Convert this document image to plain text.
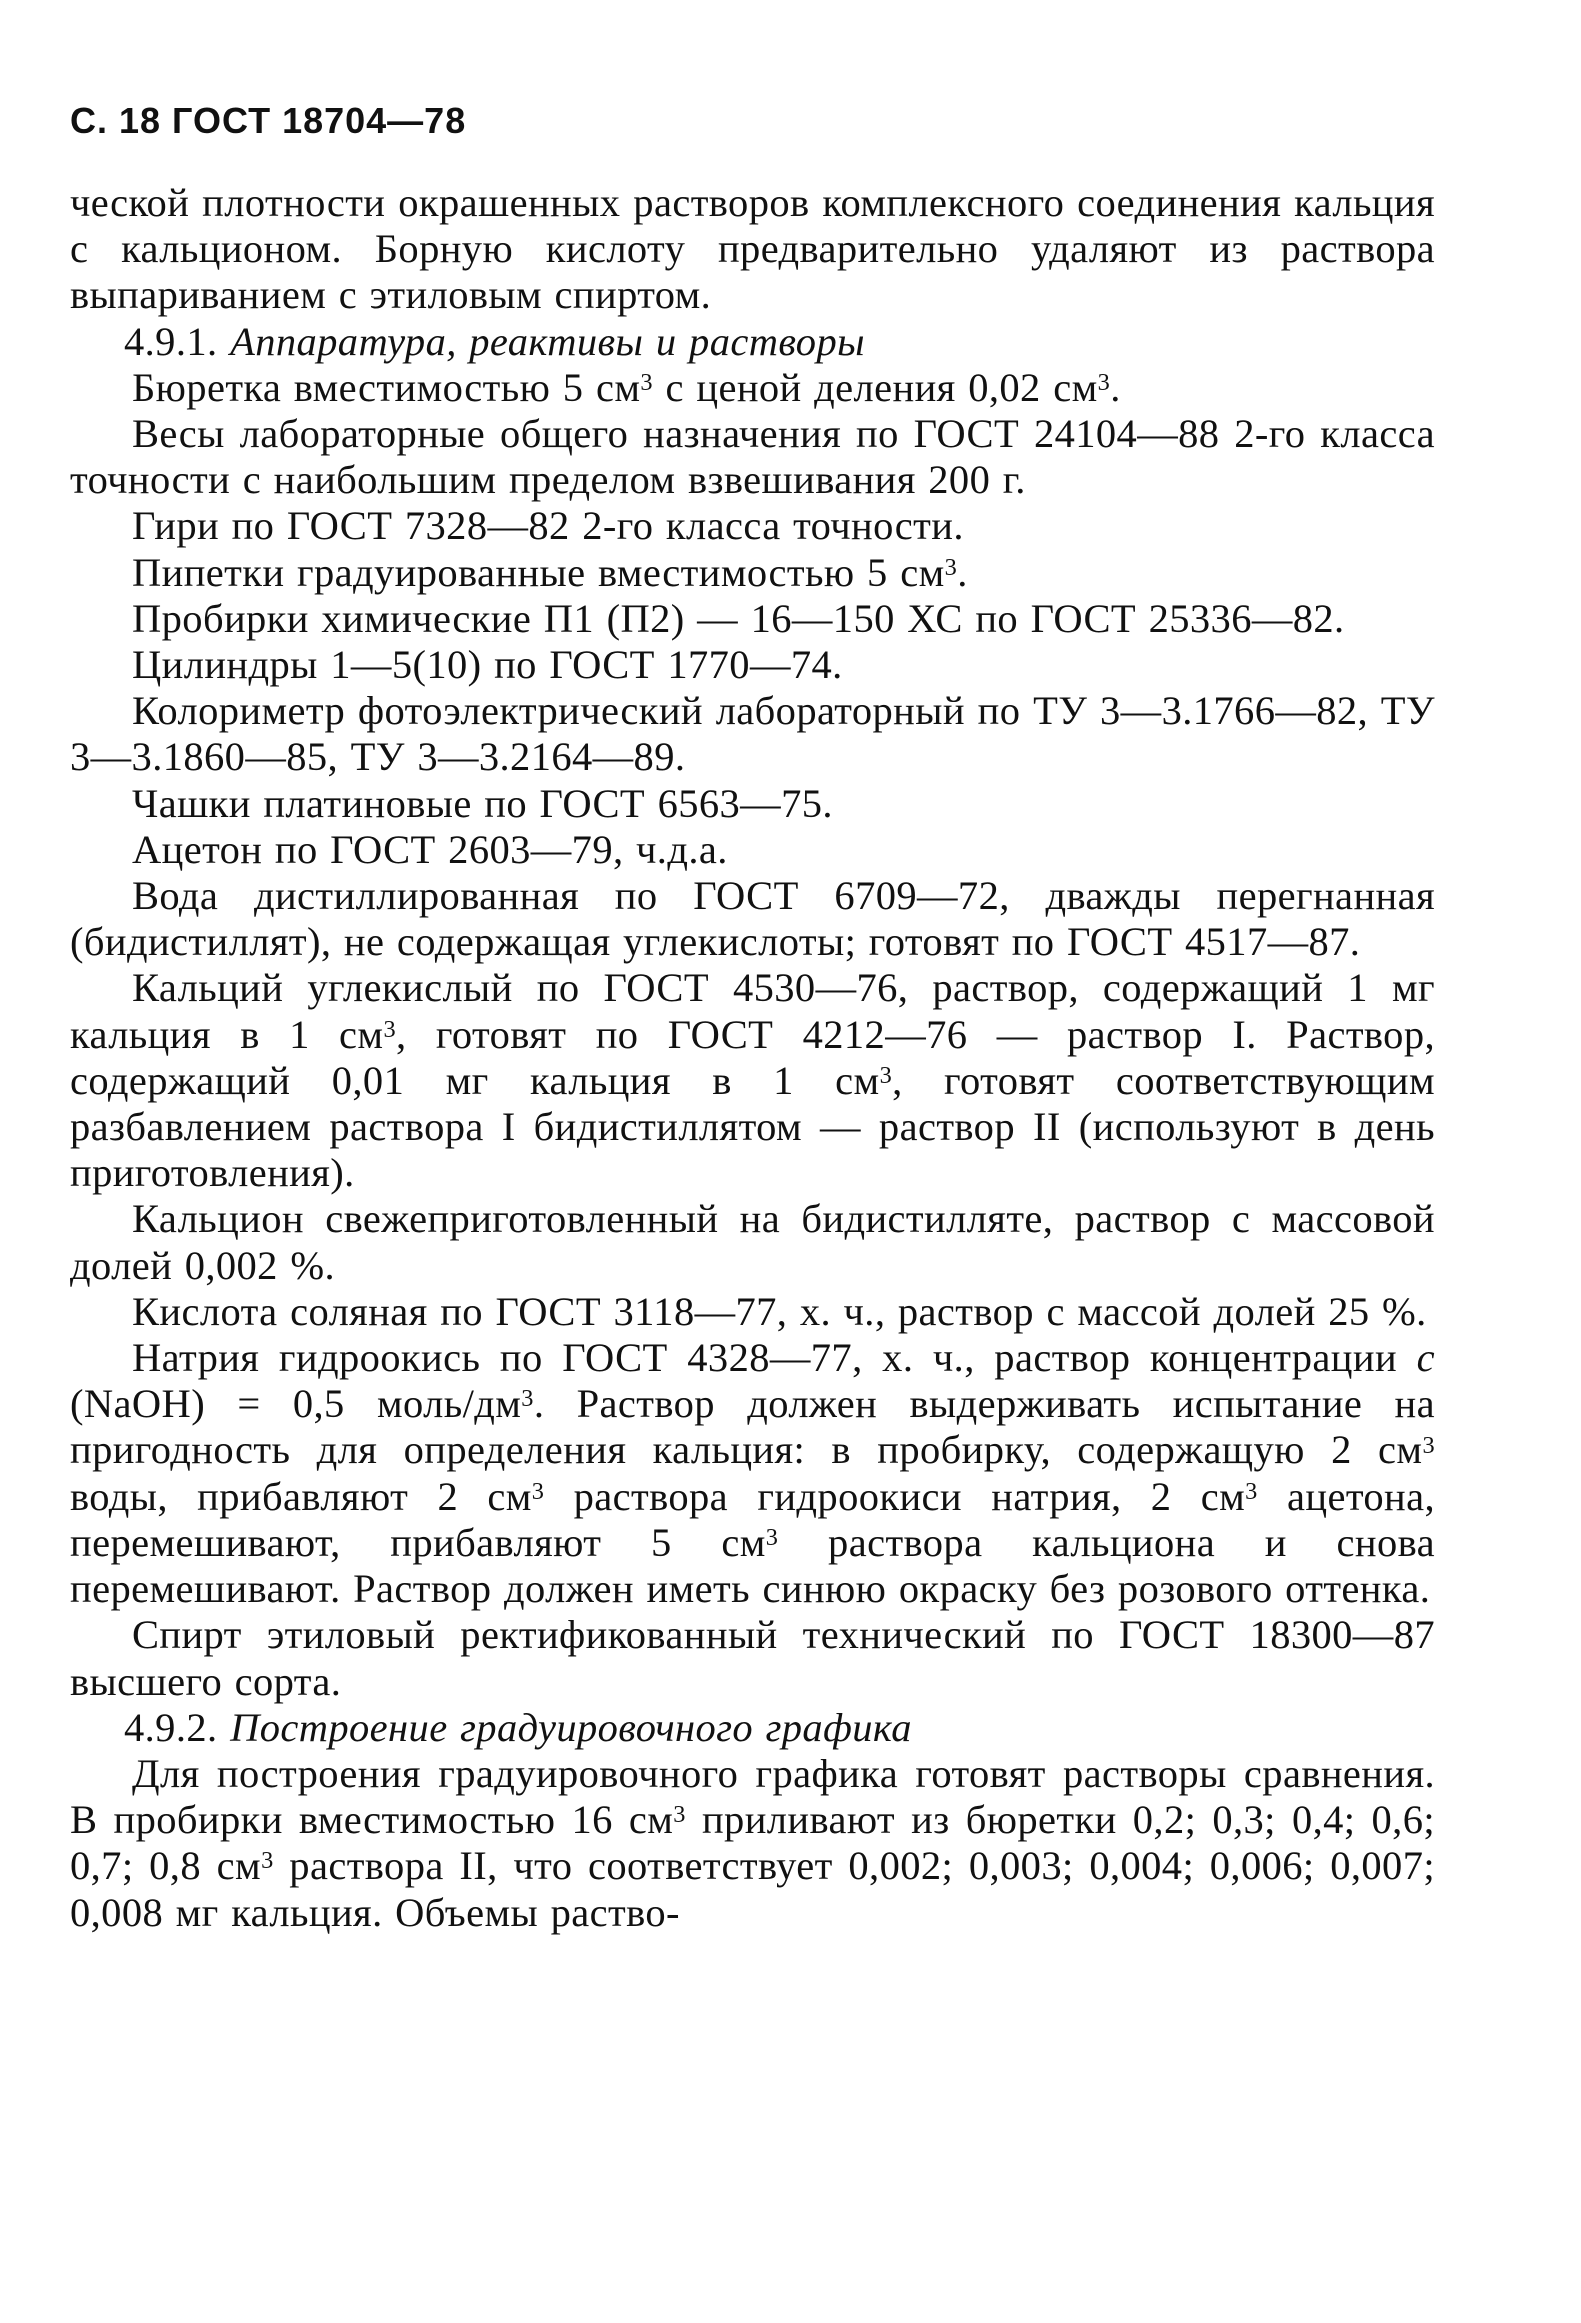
С. 18 ГОСТ 18704—78

ческой плотности окрашенных растворов комплексного соединения кальция с кальционом. Борную кислоту предварительно удаляют из раствора выпариванием с этиловым спиртом.

4.9.1. Аппаратура, реактивы и растворы

Бюретка вместимостью 5 $см^3$ с ценой деления 0,02 $см^3$.

Весы лабораторные общего назначения по ГОСТ 24104—88 2-го класса точности с наибольшим пределом взвешивания 200 г.

Гири по ГОСТ 7328—82 2-го класса точности.

Пипетки градуированные вместимостью 5 $см^3$.

Пробирки химические П1 (П2) — 16—150 ХС по ГОСТ 25336—82.

Цилиндры 1—5(10) по ГОСТ 1770—74.

Колориметр фотоэлектрический лабораторный по ТУ 3—3.1766—82, ТУ 3—3.1860—85, ТУ 3—3.2164—89.

Чашки платиновые по ГОСТ 6563—75.

Ацетон по ГОСТ 2603—79, ч.д.а.

Вода дистиллированная по ГОСТ 6709—72, дважды перегнанная (бидистиллят), не содержащая углекислоты; готовят по ГОСТ 4517—87.

Кальций углекислый по ГОСТ 4530—76, раствор, содержащий 1 мг кальция в 1 $см^3$, готовят по ГОСТ 4212—76 — раствор I. Раствор, содержащий 0,01 мг кальция в 1 $см^3$, готовят соответствующим разбавлением раствора I бидистиллятом — раствор II (используют в день приготовления).

Кальцион свежеприготовленный на бидистилляте, раствор с массовой долей 0,002 %.

Кислота соляная по ГОСТ 3118—77, х. ч., раствор с массой долей 25 %.

Натрия гидроокись по ГОСТ 4328—77, х. ч., раствор концентрации c (NaOH) = 0,5 моль/$дм^3$. Раствор должен выдерживать испытание на пригодность для определения кальция: в пробирку, содержащую 2 $см^3$ воды, прибавляют 2 $см^3$ раствора гидроокиси натрия, 2 $см^3$ ацетона, перемешивают, прибавляют 5 $см^3$ раствора кальциона и снова перемешивают. Раствор должен иметь синюю окраску без розового оттенка.

Спирт этиловый ректификованный технический по ГОСТ 18300—87 высшего сорта.

4.9.2. Построение градуировочного графика

Для построения градуировочного графика готовят растворы сравнения. В пробирки вместимостью 16 $см^3$ приливают из бюретки 0,2; 0,3; 0,4; 0,6; 0,7; 0,8 $см^3$ раствора II, что соответствует 0,002; 0,003; 0,004; 0,006; 0,007; 0,008 мг кальция. Объемы раство-
